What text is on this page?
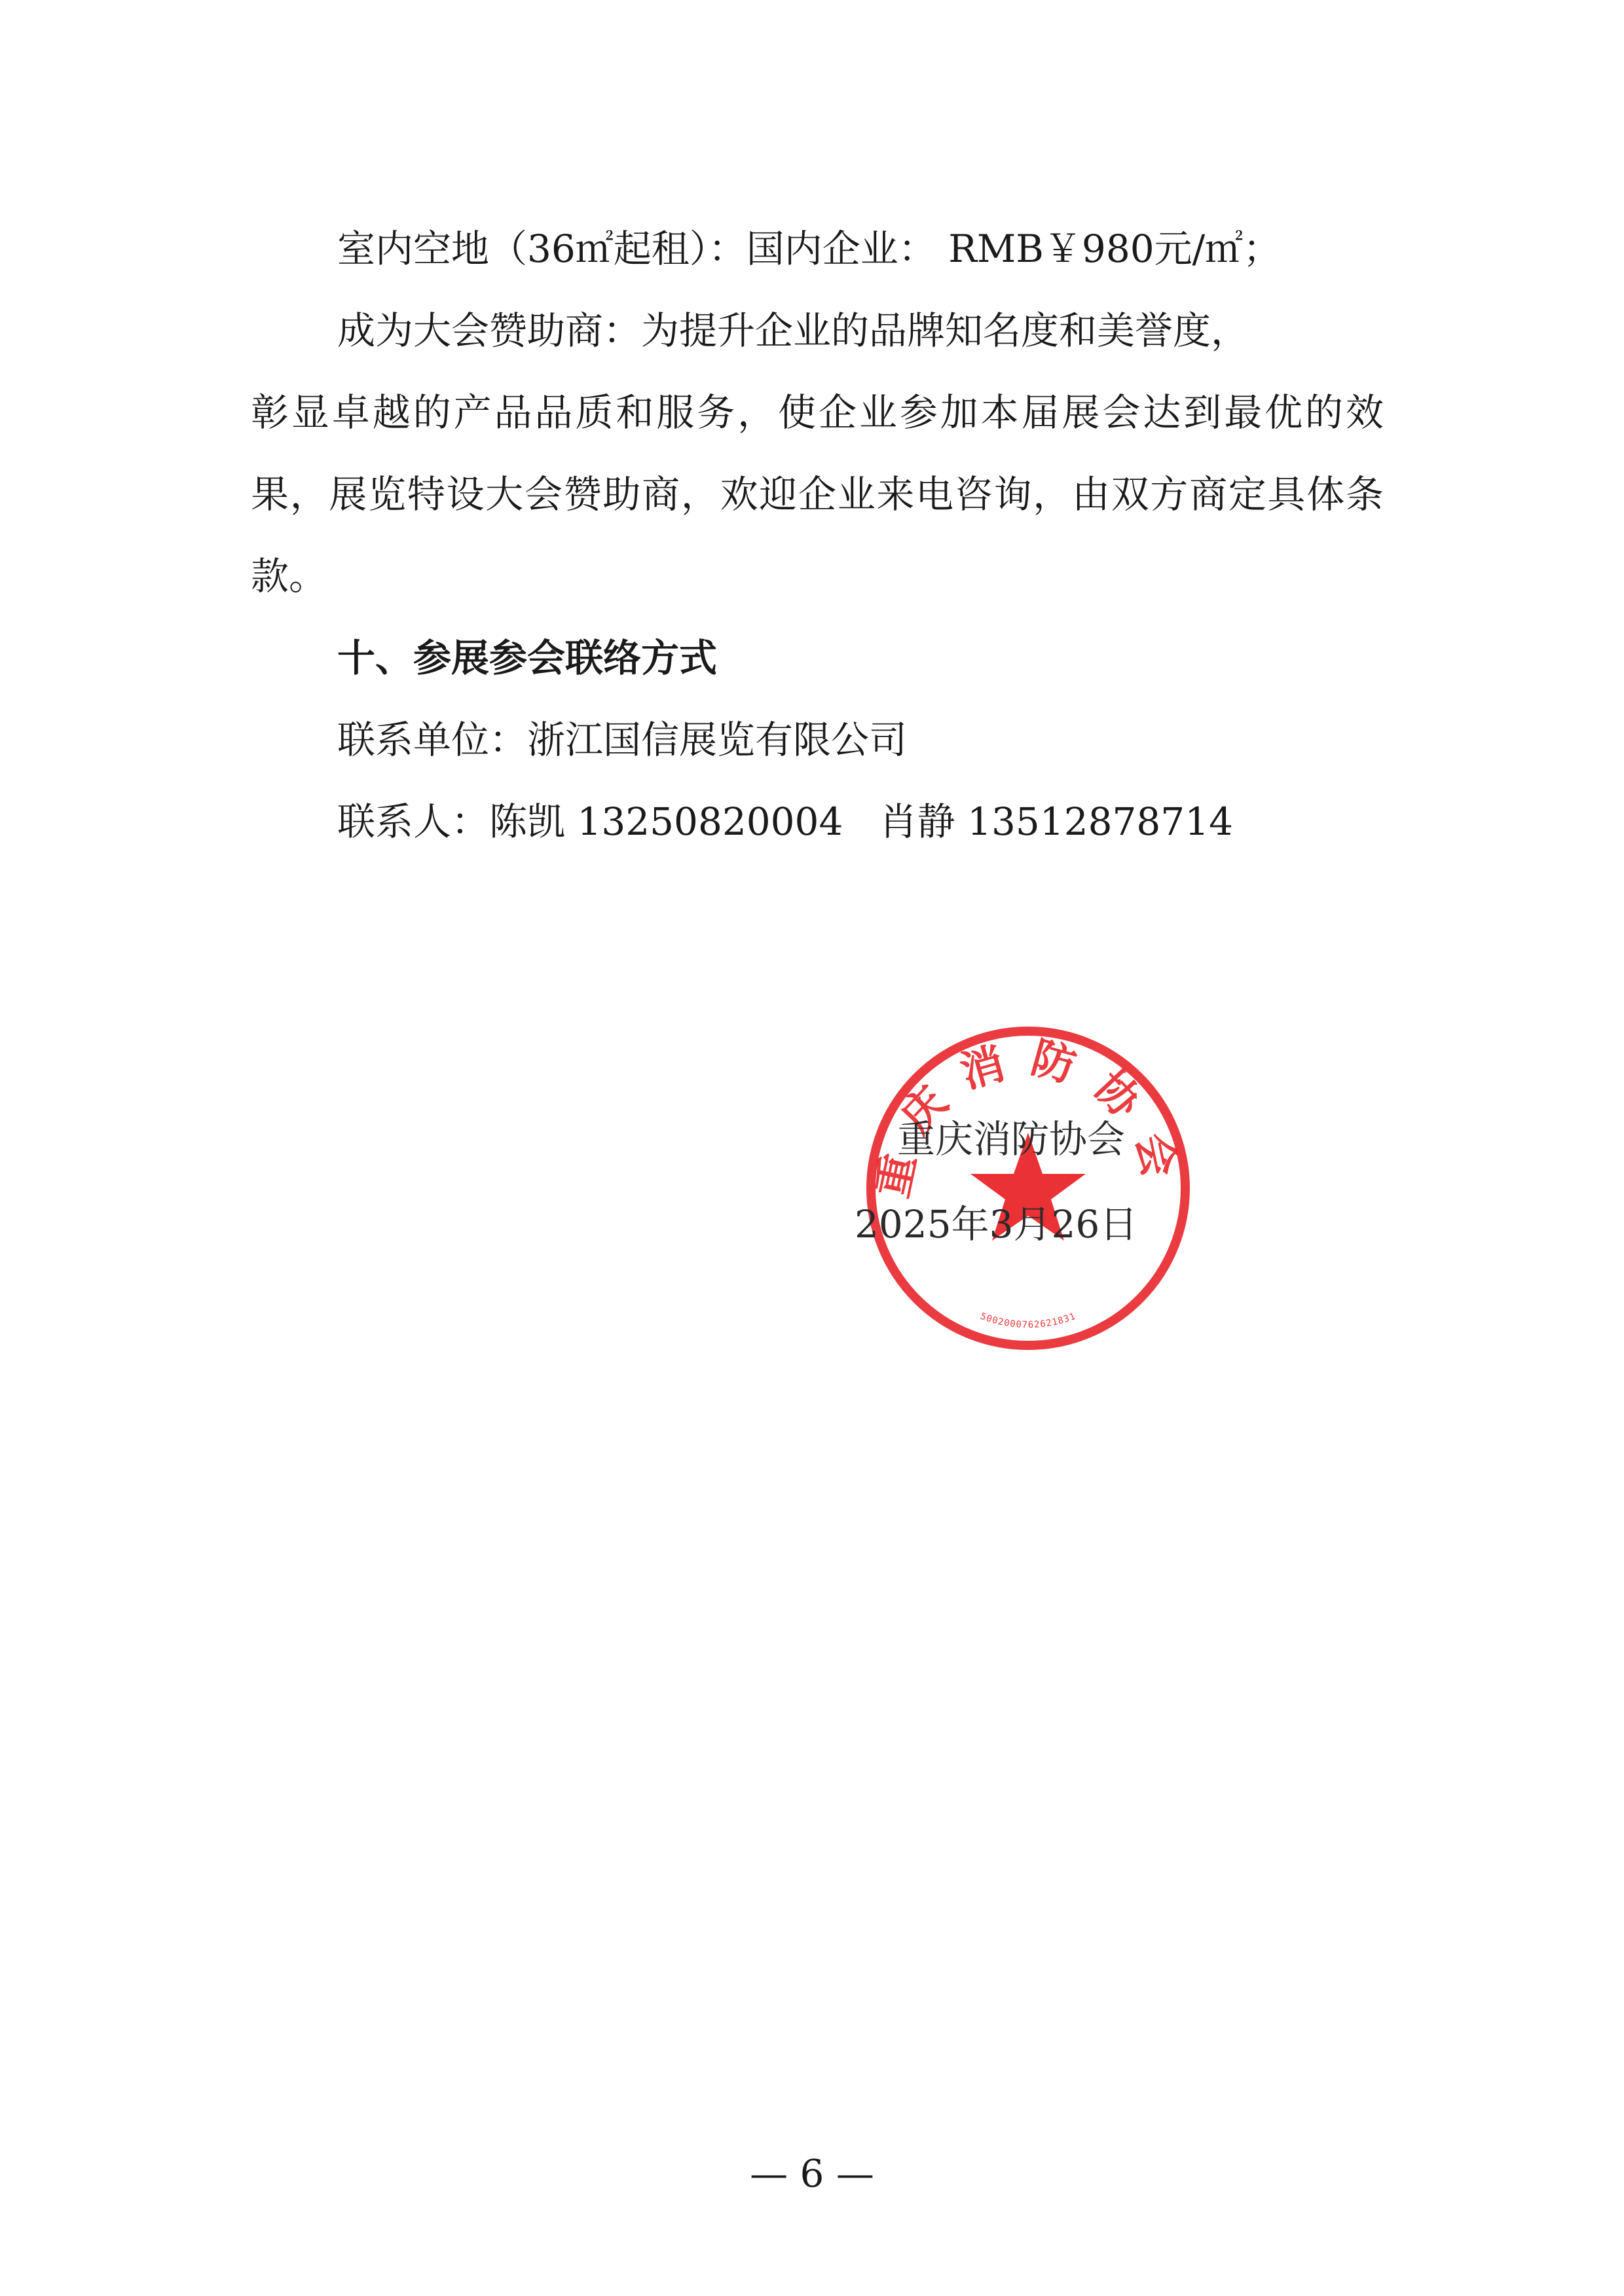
室内空地（36㎡起租）：国内企业： RMB￥980元/㎡；

成为大会赞助商：为提升企业的品牌知名度和美誉度，

彰显卓越的产品品质和服务，使企业参加本届展会达到最优的效果，展览特设大会赞助商，欢迎企业来电咨询，由双方商定具体条款。

十、参展参会联络方式

联系单位：浙江国信展览有限公司

联系人：陈凯 13250820004   肖静 13512878714

重庆消防协会
5002000762621831
重庆消防协会
2025年3月26日
— 6 —
